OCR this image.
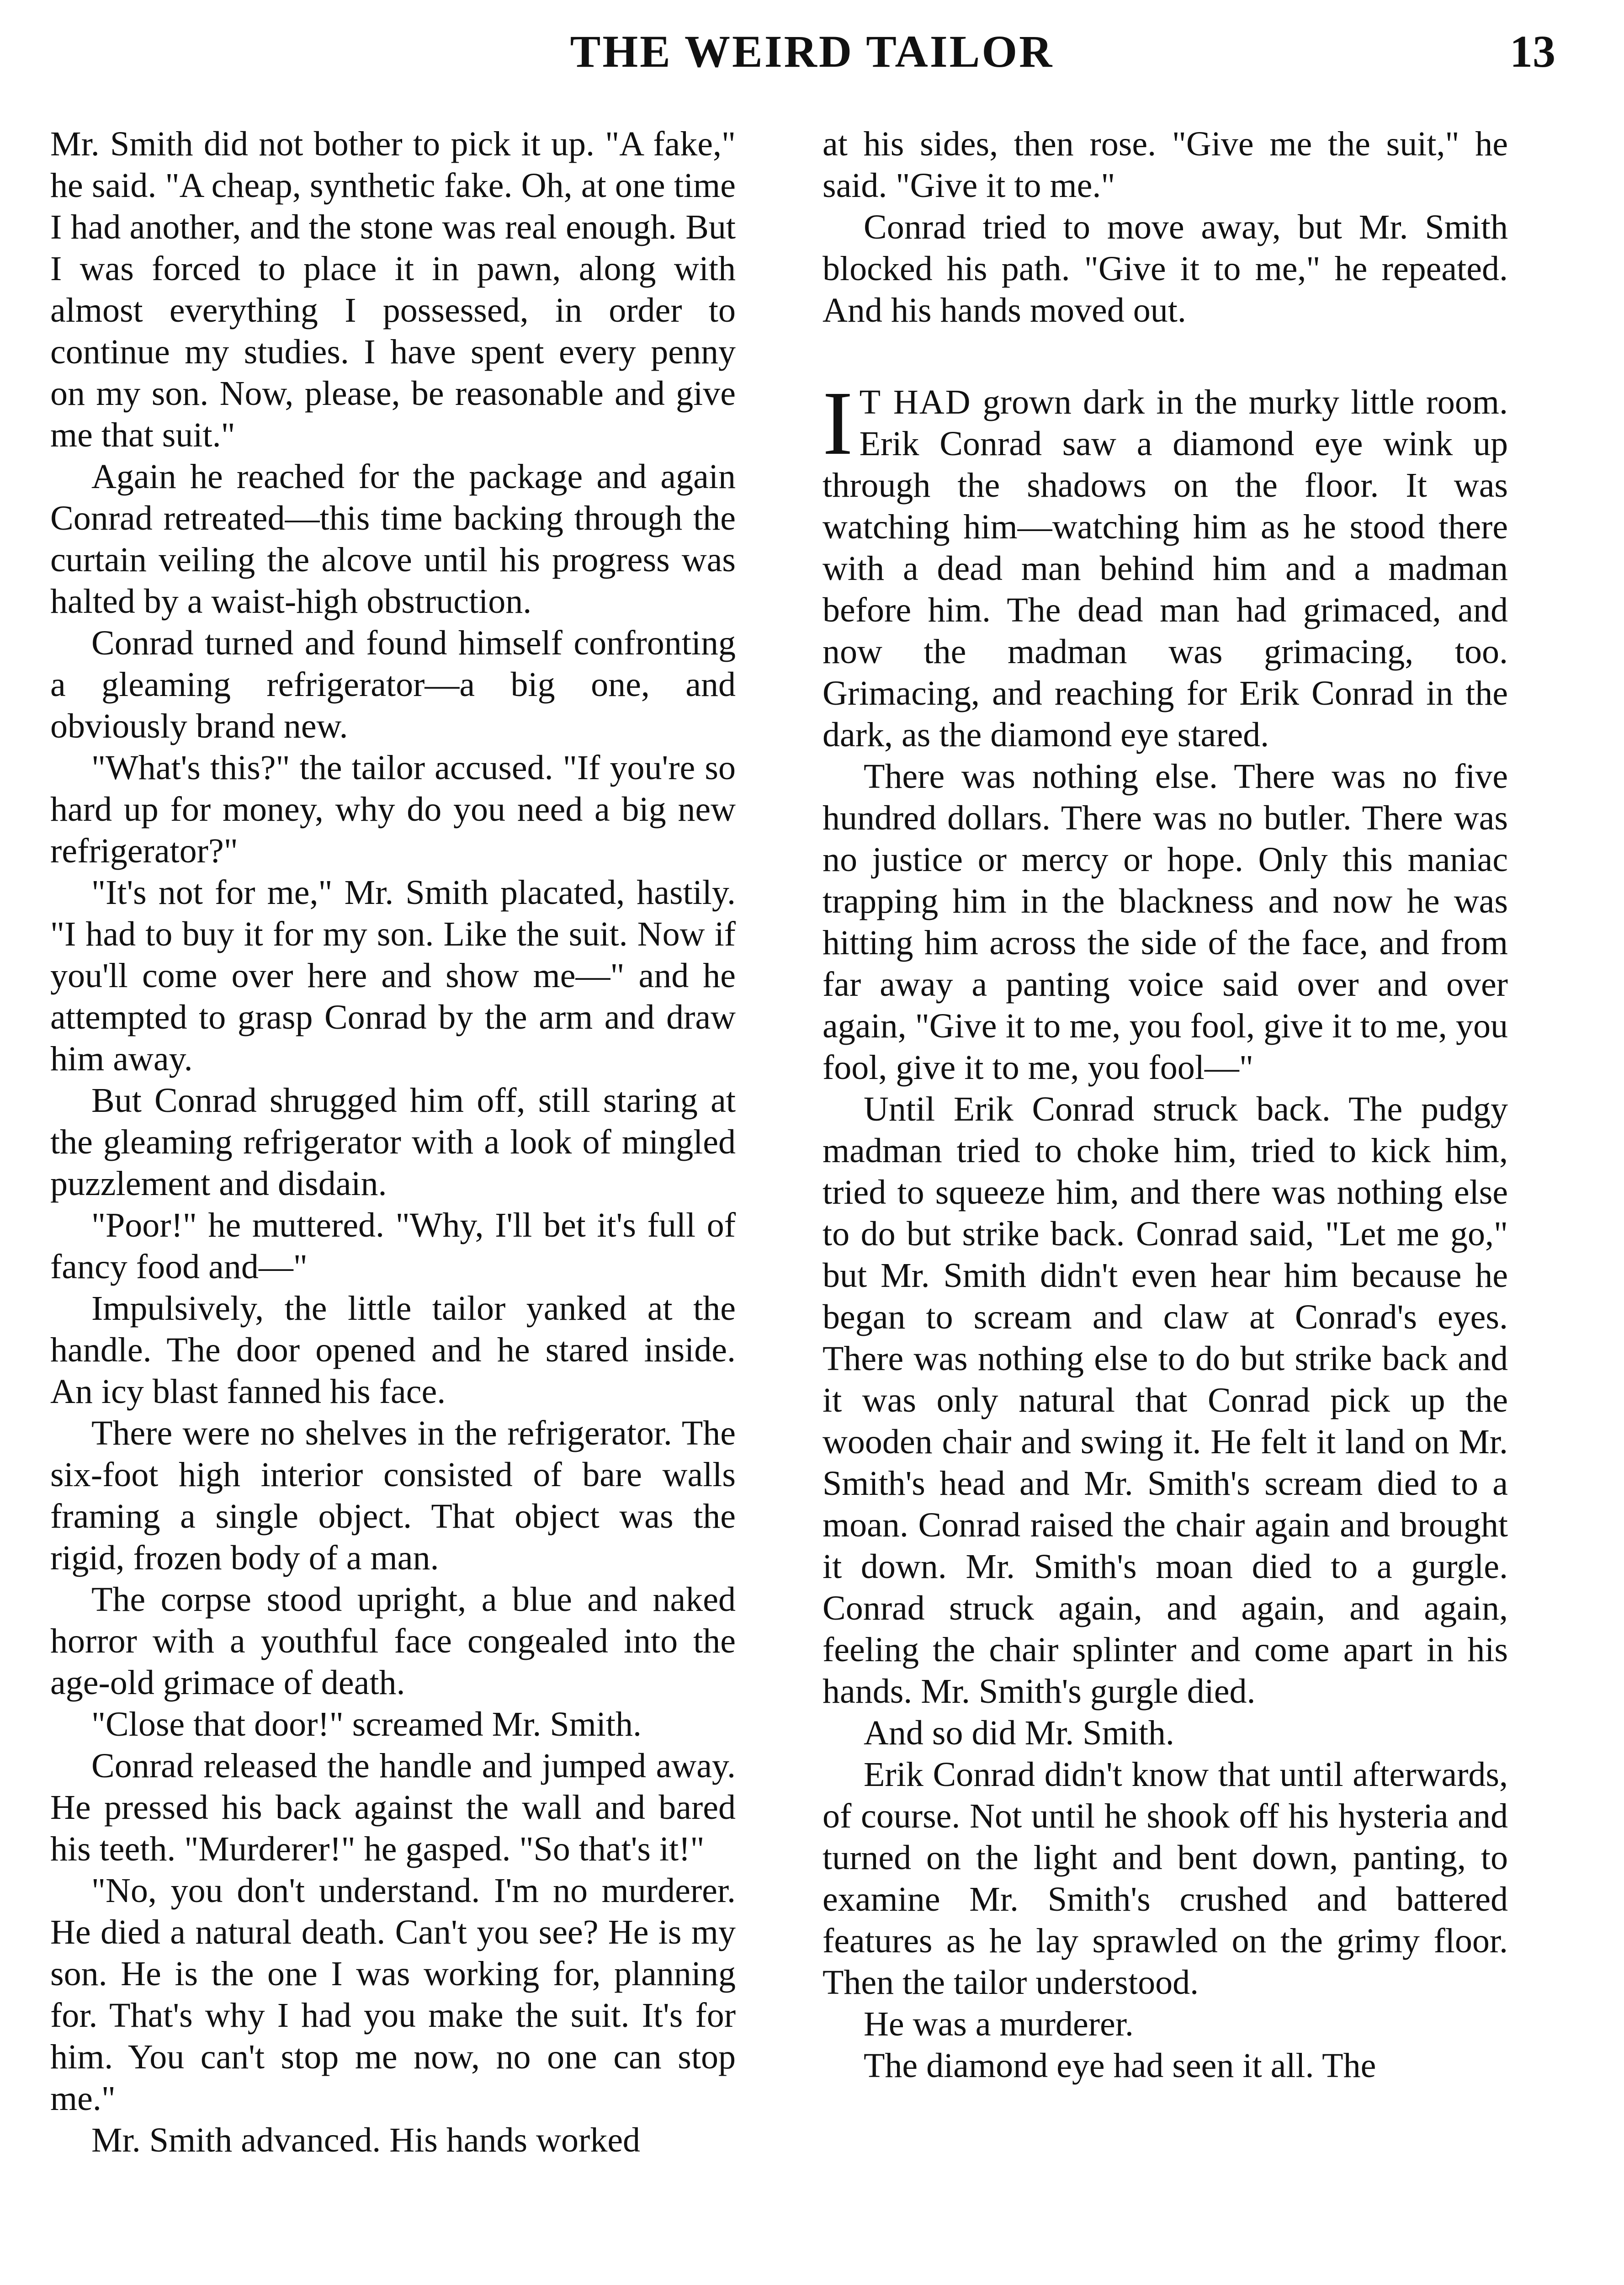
THE WEIRD TAILOR	13

Mr. Smith did not bother to pick it up. "A fake," he said. "A cheap, synthetic fake. Oh, at one time I had another, and the stone was real enough. But I was forced to place it in pawn, along with almost everything I possessed, in order to continue my studies. I have spent every penny on my son. Now, please, be reasonable and give me that suit."

Again he reached for the package and again Conrad retreated—this time backing through the curtain veiling the alcove until his progress was halted by a waist-high obstruction.

Conrad turned and found himself confronting a gleaming refrigerator—a big one, and obviously brand new.

"What's this?" the tailor accused. "If you're so hard up for money, why do you need a big new refrigerator?"

"It's not for me," Mr. Smith placated, hastily. "I had to buy it for my son. Like the suit. Now if you'll come over here and show me—" and he attempted to grasp Conrad by the arm and draw him away.

But Conrad shrugged him off, still staring at the gleaming refrigerator with a look of mingled puzzlement and disdain.

"Poor!" he muttered. "Why, I'll bet it's full of fancy food and—"

Impulsively, the little tailor yanked at the handle. The door opened and he stared inside. An icy blast fanned his face.

There were no shelves in the refrigerator. The six-foot high interior consisted of bare walls framing a single object. That object was the rigid, frozen body of a man.

The corpse stood upright, a blue and naked horror with a youthful face congealed into the age-old grimace of death.

"Close that door!" screamed Mr. Smith.

Conrad released the handle and jumped away. He pressed his back against the wall and bared his teeth. "Murderer!" he gasped. "So that's it!"

"No, you don't understand. I'm no murderer. He died a natural death. Can't you see? He is my son. He is the one I was working for, planning for. That's why I had you make the suit. It's for him. You can't stop me now, no one can stop me."

Mr. Smith advanced. His hands worked

at his sides, then rose. "Give me the suit," he said. "Give it to me."

Conrad tried to move away, but Mr. Smith blocked his path. "Give it to me," he repeated. And his hands moved out.

I T HAD grown dark in the murky little room. Erik Conrad saw a diamond eye wink up through the shadows on the floor. It was watching him—watching him as he stood there with a dead man behind him and a madman before him. The dead man had grimaced, and now the madman was grimacing, too. Grimacing, and reaching for Erik Conrad in the dark, as the diamond eye stared.

There was nothing else. There was no five hundred dollars. There was no butler. There was no justice or mercy or hope. Only this maniac trapping him in the blackness and now he was hitting him across the side of the face, and from far away a panting voice said over and over again, "Give it to me, you fool, give it to me, you fool, give it to me, you fool—"

Until Erik Conrad struck back. The pudgy madman tried to choke him, tried to kick him, tried to squeeze him, and there was nothing else to do but strike back. Conrad said, "Let me go," but Mr. Smith didn't even hear him because he began to scream and claw at Conrad's eyes. There was nothing else to do but strike back and it was only natural that Conrad pick up the wooden chair and swing it. He felt it land on Mr. Smith's head and Mr. Smith's scream died to a moan. Conrad raised the chair again and brought it down. Mr. Smith's moan died to a gurgle. Conrad struck again, and again, and again, feeling the chair splinter and come apart in his hands. Mr. Smith's gurgle died.

And so did Mr. Smith.

Erik Conrad didn't know that until afterwards, of course. Not until he shook off his hysteria and turned on the light and bent down, panting, to examine Mr. Smith's crushed and battered features as he lay sprawled on the grimy floor. Then the tailor understood.

He was a murderer.

The diamond eye had seen it all. The
